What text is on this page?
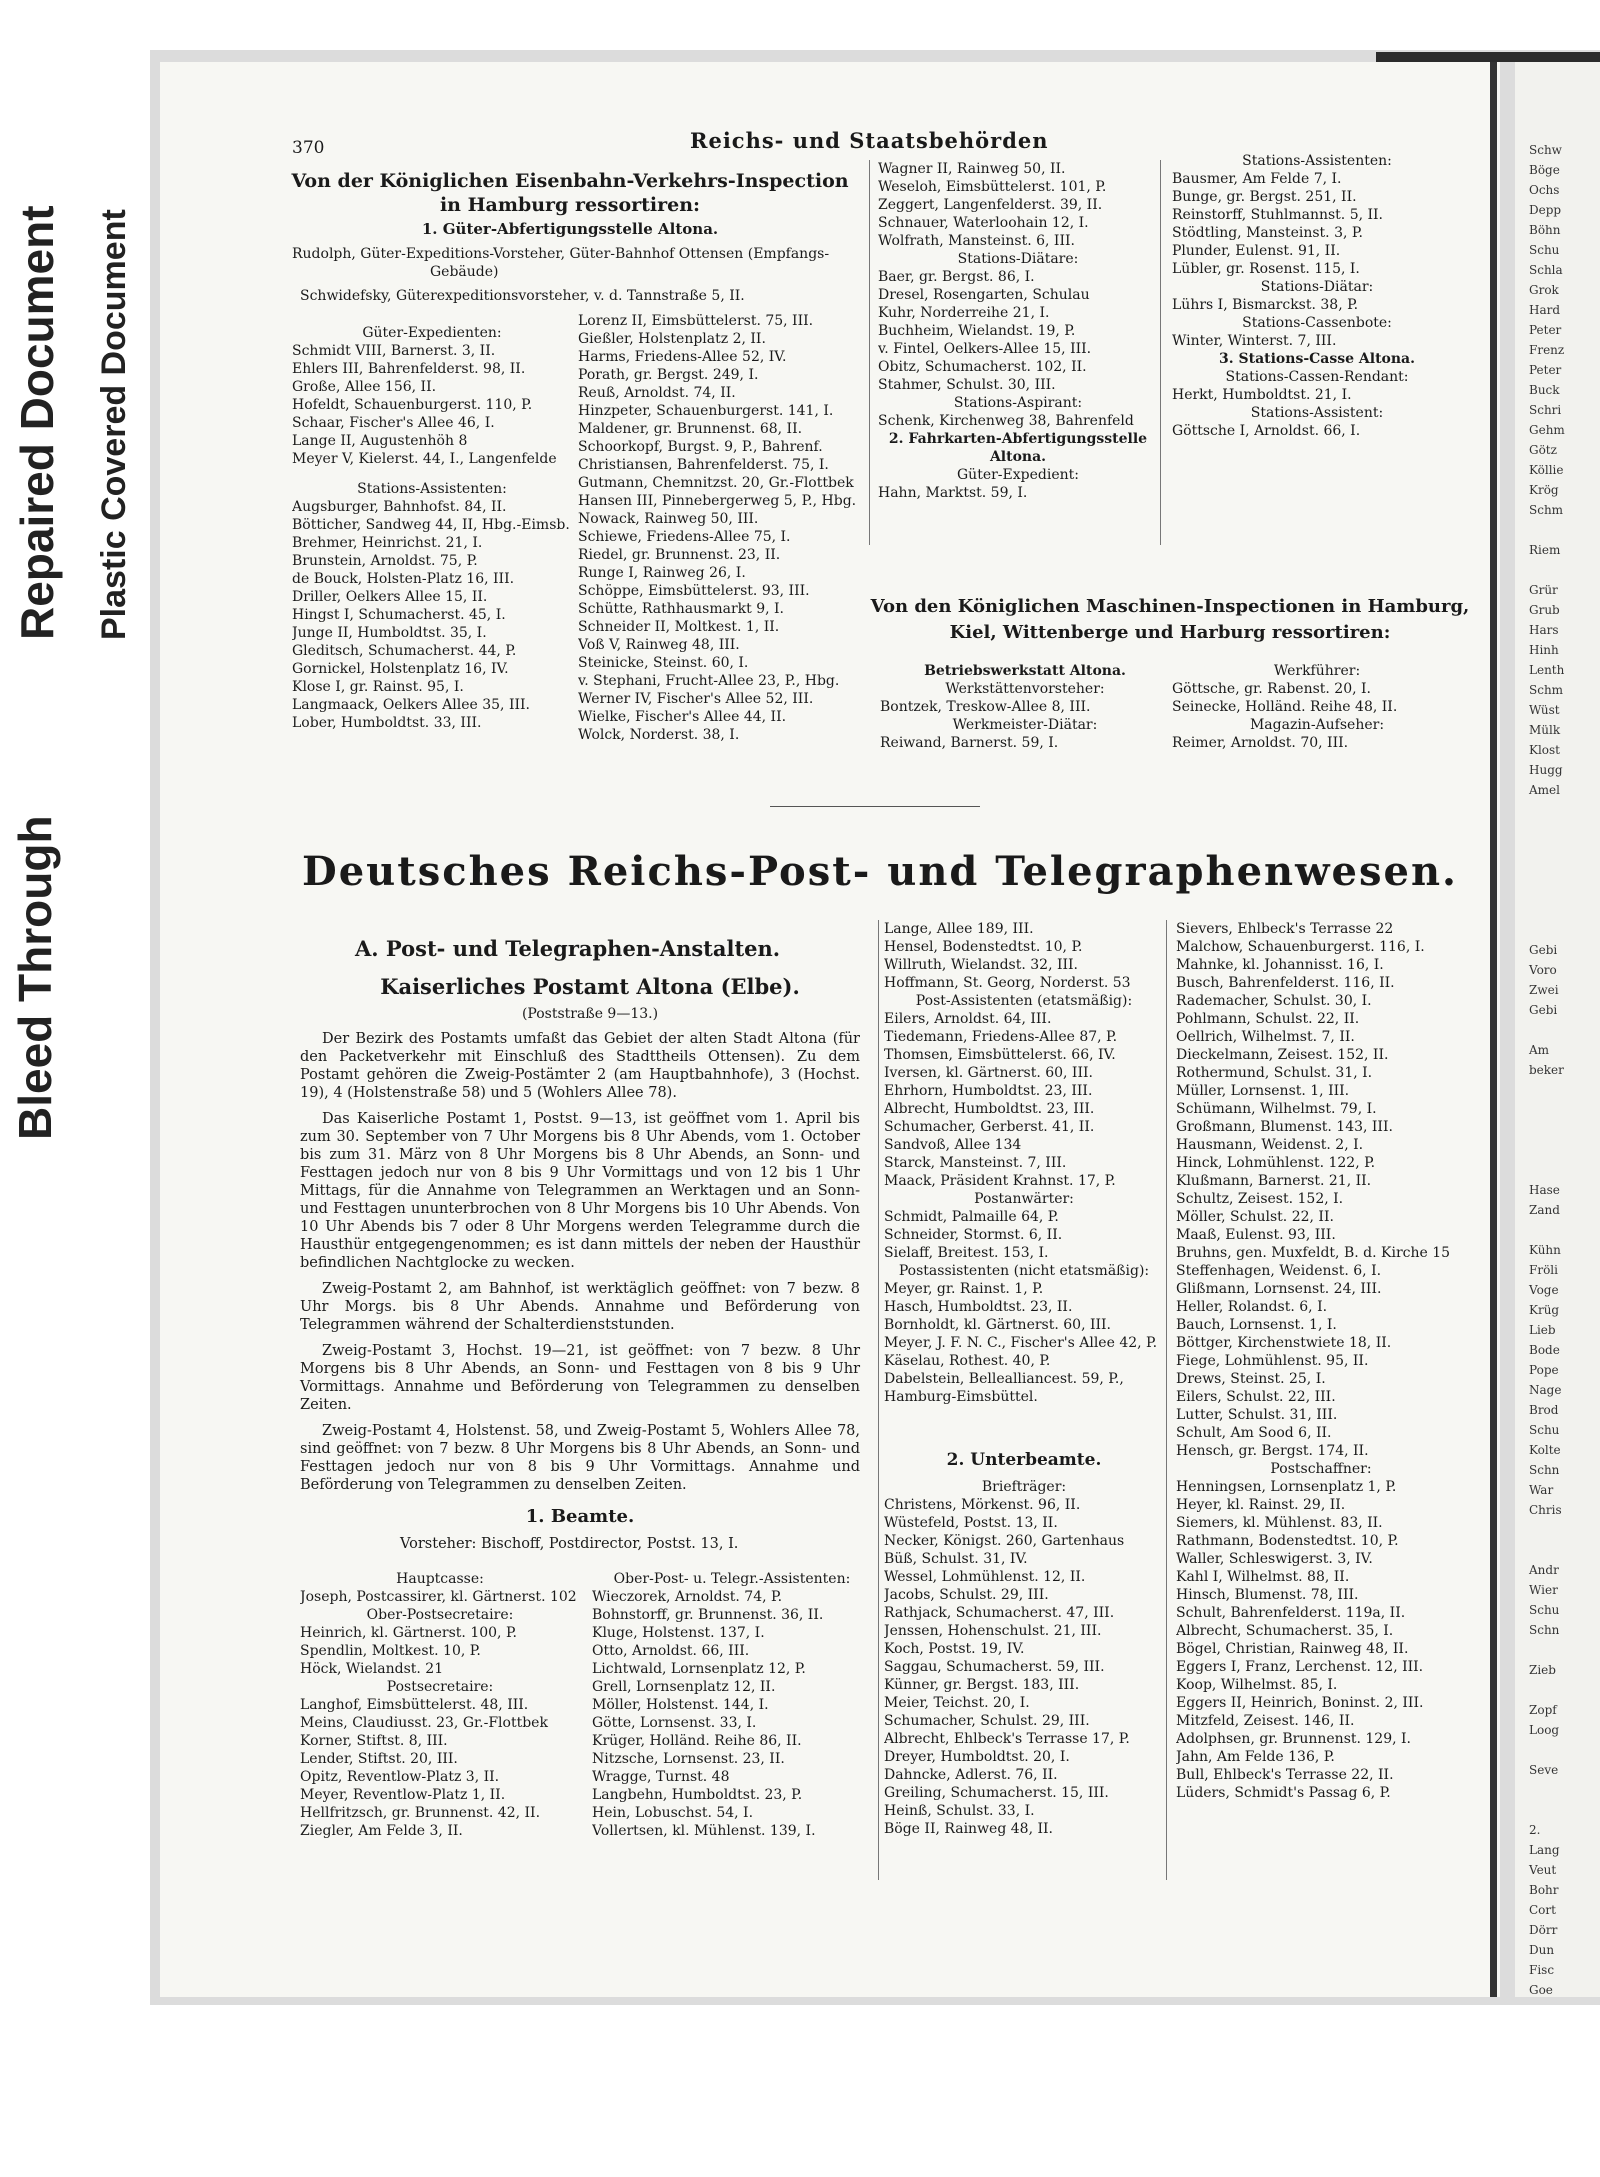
Bleed Through
Repaired Document Plastic Covered Document
Schw
Böge
Ochs
Depp
Böhn
Schu
Schla
Grok
Hard
Peter
Frenz
Peter
Buck
Schri
Gehm
Götz
Köllie
Krög
Schm
Riem
Grür
Grub
Hars
Hinh
Lenth
Schm
Wüst
Mülk
Klost
Hugg
Amel
Gebi
Voro
Zwei
Gebi
Am
beker
Hase
Zand
Kühn
Fröli
Voge
Krüg
Lieb
Bode
Pope
Nage
Brod
Schu
Kolte
Schn
War
Chris
Andr
Wier
Schu
Schn
Zieb
Zopf
Loog
Seve
2.
Lang
Veut
Bohr
Cort
Dörr
Dun
Fisc
Goe
370	Reichs- und Staatsbehörden
Von der Königlichen Eisenbahn-Verkehrs-Inspection
in Hamburg ressortiren:
1. Güter-Abfertigungsstelle Altona.
Rudolph, Güter-Expeditions-Vorsteher, Güter-Bahnhof Ottensen (Empfangs-
Gebäude)
Schwidefsky, Güterexpeditionsvorsteher, v. d. Tannstraße 5, II.
Güter-Expedienten:
Schmidt VIII, Barnerst. 3, II.
Ehlers III, Bahrenfelderst. 98, II.
Große, Allee 156, II.
Hofeldt, Schauenburgerst. 110, P.
Schaar, Fischer's Allee 46, I.
Lange II, Augustenhöh 8
Meyer V, Kielerst. 44, I., Langenfelde
Stations-Assistenten:
Augsburger, Bahnhofst. 84, II.
Bötticher, Sandweg 44, II, Hbg.-Eimsb.
Brehmer, Heinrichst. 21, I.
Brunstein, Arnoldst. 75, P.
de Bouck, Holsten-Platz 16, III.
Driller, Oelkers Allee 15, II.
Hingst I, Schumacherst. 45, I.
Junge II, Humboldtst. 35, I.
Gleditsch, Schumacherst. 44, P.
Gornickel, Holstenplatz 16, IV.
Klose I, gr. Rainst. 95, I.
Langmaack, Oelkers Allee 35, III.
Lober, Humboldtst. 33, III.
Lorenz II, Eimsbüttelerst. 75, III.
Gießler, Holstenplatz 2, II.
Harms, Friedens-Allee 52, IV.
Porath, gr. Bergst. 249, I.
Reuß, Arnoldst. 74, II.
Hinzpeter, Schauenburgerst. 141, I.
Maldener, gr. Brunnenst. 68, II.
Schoorkopf, Burgst. 9, P., Bahrenf.
Christiansen, Bahrenfelderst. 75, I.
Gutmann, Chemnitzst. 20, Gr.-Flottbek
Hansen III, Pinnebergerweg 5, P., Hbg.
Nowack, Rainweg 50, III.
Schiewe, Friedens-Allee 75, I.
Riedel, gr. Brunnenst. 23, II.
Runge I, Rainweg 26, I.
Schöppe, Eimsbüttelerst. 93, III.
Schütte, Rathhausmarkt 9, I.
Schneider II, Moltkest. 1, II.
Voß V, Rainweg 48, III.
Steinicke, Steinst. 60, I.
v. Stephani, Frucht-Allee 23, P., Hbg.
Werner IV, Fischer's Allee 52, III.
Wielke, Fischer's Allee 44, II.
Wolck, Norderst. 38, I.
Wagner II, Rainweg 50, II.
Weseloh, Eimsbüttelerst. 101, P.
Zeggert, Langenfelderst. 39, II.
Schnauer, Waterloohain 12, I.
Wolfrath, Mansteinst. 6, III.
Stations-Diätare:
Baer, gr. Bergst. 86, I.
Dresel, Rosengarten, Schulau
Kuhr, Norderreihe 21, I.
Buchheim, Wielandst. 19, P.
v. Fintel, Oelkers-Allee 15, III.
Obitz, Schumacherst. 102, II.
Stahmer, Schulst. 30, III.
Stations-Aspirant:
Schenk, Kirchenweg 38, Bahrenfeld
2. Fahrkarten-Abfertigungsstelle
Altona.
Güter-Expedient:
Hahn, Marktst. 59, I.
Stations-Assistenten:
Bausmer, Am Felde 7, I.
Bunge, gr. Bergst. 251, II.
Reinstorff, Stuhlmannst. 5, II.
Stödtling, Mansteinst. 3, P.
Plunder, Eulenst. 91, II.
Lübler, gr. Rosenst. 115, I.
Stations-Diätar:
Lührs I, Bismarckst. 38, P.
Stations-Cassenbote:
Winter, Winterst. 7, III.
3. Stations-Casse Altona.
Stations-Cassen-Rendant:
Herkt, Humboldtst. 21, I.
Stations-Assistent:
Göttsche I, Arnoldst. 66, I.
Von den Königlichen Maschinen-Inspectionen in Hamburg,
Kiel, Wittenberge und Harburg ressortiren:
Betriebswerkstatt Altona.
Werkstättenvorsteher:
Bontzek, Treskow-Allee 8, III.
Werkmeister-Diätar:
Reiwand, Barnerst. 59, I.
Werkführer:
Göttsche, gr. Rabenst. 20, I.
Seinecke, Holländ. Reihe 48, II.
Magazin-Aufseher:
Reimer, Arnoldst. 70, III.
Deutsches Reichs-Post- und Telegraphenwesen.
A. Post- und Telegraphen-Anstalten.
Kaiserliches Postamt Altona (Elbe).
(Poststraße 9—13.)

Der Bezirk des Postamts umfaßt das Gebiet der alten Stadt Altona (für den Packetverkehr mit Einschluß des Stadttheils Ottensen). Zu dem Postamt gehören die Zweig-Postämter 2 (am Hauptbahnhofe), 3 (Hochst. 19), 4 (Holstenstraße 58) und 5 (Wohlers Allee 78).

Das Kaiserliche Postamt 1, Postst. 9—13, ist geöffnet vom 1. April bis zum 30. September von 7 Uhr Morgens bis 8 Uhr Abends, vom 1. October bis zum 31. März von 8 Uhr Morgens bis 8 Uhr Abends, an Sonn- und Festtagen jedoch nur von 8 bis 9 Uhr Vormittags und von 12 bis 1 Uhr Mittags, für die Annahme von Telegrammen an Werktagen und an Sonn- und Festtagen ununterbrochen von 8 Uhr Morgens bis 10 Uhr Abends. Von 10 Uhr Abends bis 7 oder 8 Uhr Morgens werden Telegramme durch die Hausthür entgegengenommen; es ist dann mittels der neben der Hausthür befindlichen Nachtglocke zu wecken.

Zweig-Postamt 2, am Bahnhof, ist werktäglich geöffnet: von 7 bezw. 8 Uhr Morgs. bis 8 Uhr Abends. Annahme und Beförderung von Telegrammen während der Schalterdienststunden.

Zweig-Postamt 3, Hochst. 19—21, ist geöffnet: von 7 bezw. 8 Uhr Morgens bis 8 Uhr Abends, an Sonn- und Festtagen von 8 bis 9 Uhr Vormittags. Annahme und Beförderung von Telegrammen zu denselben Zeiten.

Zweig-Postamt 4, Holstenst. 58, und Zweig-Postamt 5, Wohlers Allee 78, sind geöffnet: von 7 bezw. 8 Uhr Morgens bis 8 Uhr Abends, an Sonn- und Festtagen jedoch nur von 8 bis 9 Uhr Vormittags. Annahme und Beförderung von Telegrammen zu denselben Zeiten.

1. Beamte.
Vorsteher: Bischoff, Postdirector, Postst. 13, I.
Hauptcasse:
Joseph, Postcassirer, kl. Gärtnerst. 102
Ober-Postsecretaire:
Heinrich, kl. Gärtnerst. 100, P.
Spendlin, Moltkest. 10, P.
Höck, Wielandst. 21
Postsecretaire:
Langhof, Eimsbüttelerst. 48, III.
Meins, Claudiusst. 23, Gr.-Flottbek
Korner, Stiftst. 8, III.
Lender, Stiftst. 20, III.
Opitz, Reventlow-Platz 3, II.
Meyer, Reventlow-Platz 1, II.
Hellfritzsch, gr. Brunnenst. 42, II.
Ziegler, Am Felde 3, II.
Ober-Post- u. Telegr.-Assistenten:
Wieczorek, Arnoldst. 74, P.
Bohnstorff, gr. Brunnenst. 36, II.
Kluge, Holstenst. 137, I.
Otto, Arnoldst. 66, III.
Lichtwald, Lornsenplatz 12, P.
Grell, Lornsenplatz 12, II.
Möller, Holstenst. 144, I.
Götte, Lornsenst. 33, I.
Krüger, Holländ. Reihe 86, II.
Nitzsche, Lornsenst. 23, II.
Wragge, Turnst. 48
Langbehn, Humboldtst. 23, P.
Hein, Lobuschst. 54, I.
Vollertsen, kl. Mühlenst. 139, I.
Lange, Allee 189, III.
Hensel, Bodenstedtst. 10, P.
Willruth, Wielandst. 32, III.
Hoffmann, St. Georg, Norderst. 53
Post-Assistenten (etatsmäßig):
Eilers, Arnoldst. 64, III.
Tiedemann, Friedens-Allee 87, P.
Thomsen, Eimsbüttelerst. 66, IV.
Iversen, kl. Gärtnerst. 60, III.
Ehrhorn, Humboldtst. 23, III.
Albrecht, Humboldtst. 23, III.
Schumacher, Gerberst. 41, II.
Sandvoß, Allee 134
Starck, Mansteinst. 7, III.
Maack, Präsident Krahnst. 17, P.
Postanwärter:
Schmidt, Palmaille 64, P.
Schneider, Stormst. 6, II.
Sielaff, Breitest. 153, I.
Postassistenten (nicht etatsmäßig):
Meyer, gr. Rainst. 1, P.
Hasch, Humboldtst. 23, II.
Bornholdt, kl. Gärtnerst. 60, III.
Meyer, J. F. N. C., Fischer's Allee 42, P.
Käselau, Rothest. 40, P.
Dabelstein, Bellealliancest. 59, P.,
Hamburg-Eimsbüttel.
2. Unterbeamte.
Briefträger:
Christens, Mörkenst. 96, II.
Wüstefeld, Postst. 13, II.
Necker, Königst. 260, Gartenhaus
Büß, Schulst. 31, IV.
Wessel, Lohmühlenst. 12, II.
Jacobs, Schulst. 29, III.
Rathjack, Schumacherst. 47, III.
Jenssen, Hohenschulst. 21, III.
Koch, Postst. 19, IV.
Saggau, Schumacherst. 59, III.
Künner, gr. Bergst. 183, III.
Meier, Teichst. 20, I.
Schumacher, Schulst. 29, III.
Albrecht, Ehlbeck's Terrasse 17, P.
Dreyer, Humboldtst. 20, I.
Dahncke, Adlerst. 76, II.
Greiling, Schumacherst. 15, III.
Heinß, Schulst. 33, I.
Böge II, Rainweg 48, II.
Sievers, Ehlbeck's Terrasse 22
Malchow, Schauenburgerst. 116, I.
Mahnke, kl. Johannisst. 16, I.
Busch, Bahrenfelderst. 116, II.
Rademacher, Schulst. 30, I.
Pohlmann, Schulst. 22, II.
Oellrich, Wilhelmst. 7, II.
Dieckelmann, Zeisest. 152, II.
Rothermund, Schulst. 31, I.
Müller, Lornsenst. 1, III.
Schümann, Wilhelmst. 79, I.
Großmann, Blumenst. 143, III.
Hausmann, Weidenst. 2, I.
Hinck, Lohmühlenst. 122, P.
Klußmann, Barnerst. 21, II.
Schultz, Zeisest. 152, I.
Möller, Schulst. 22, II.
Maaß, Eulenst. 93, III.
Bruhns, gen. Muxfeldt, B. d. Kirche 15
Steffenhagen, Weidenst. 6, I.
Glißmann, Lornsenst. 24, III.
Heller, Rolandst. 6, I.
Bauch, Lornsenst. 1, I.
Böttger, Kirchenstwiete 18, II.
Fiege, Lohmühlenst. 95, II.
Drews, Steinst. 25, I.
Eilers, Schulst. 22, III.
Lutter, Schulst. 31, III.
Schult, Am Sood 6, II.
Hensch, gr. Bergst. 174, II.
Postschaffner:
Henningsen, Lornsenplatz 1, P.
Heyer, kl. Rainst. 29, II.
Siemers, kl. Mühlenst. 83, II.
Rathmann, Bodenstedtst. 10, P.
Waller, Schleswigerst. 3, IV.
Kahl I, Wilhelmst. 88, II.
Hinsch, Blumenst. 78, III.
Schult, Bahrenfelderst. 119a, II.
Albrecht, Schumacherst. 35, I.
Bögel, Christian, Rainweg 48, II.
Eggers I, Franz, Lerchenst. 12, III.
Koop, Wilhelmst. 85, I.
Eggers II, Heinrich, Boninst. 2, III.
Mitzfeld, Zeisest. 146, II.
Adolphsen, gr. Brunnenst. 129, I.
Jahn, Am Felde 136, P.
Bull, Ehlbeck's Terrasse 22, II.
Lüders, Schmidt's Passag 6, P.
